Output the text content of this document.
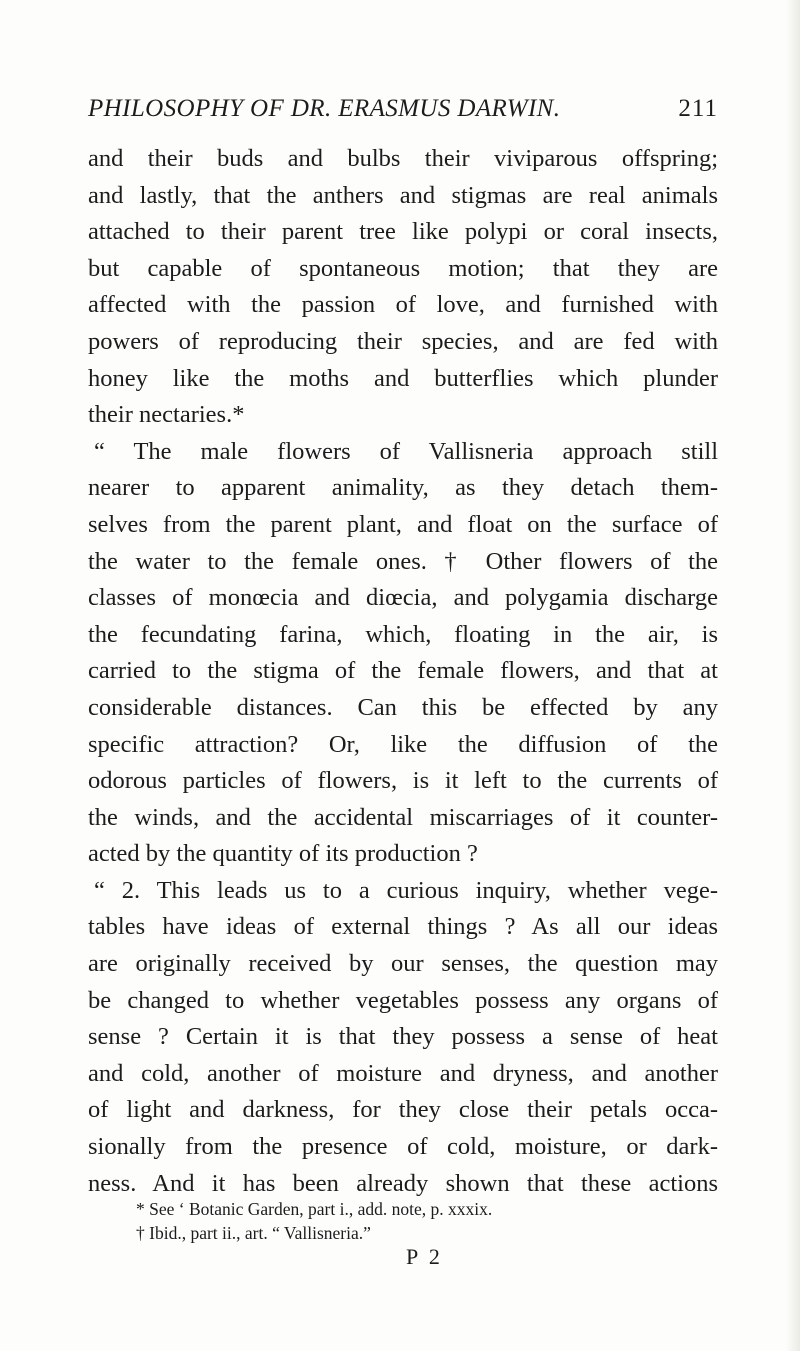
PHILOSOPHY OF DR. ERASMUS DARWIN.	211
and their buds and bulbs their viviparous offspring;
and lastly, that the anthers and stigmas are real animals
attached to their parent tree like polypi or coral insects,
but capable of spontaneous motion; that they are
affected with the passion of love, and furnished with
powers of reproducing their species, and are fed with
honey like the moths and butterflies which plunder
their nectaries.*
“ The male flowers of Vallisneria approach still
nearer to apparent animality, as they detach them-
selves from the parent plant, and float on the surface of
the water to the female ones. † Other flowers of the
classes of monœcia and diœcia, and polygamia discharge
the fecundating farina, which, floating in the air, is
carried to the stigma of the female flowers, and that at
considerable distances. Can this be effected by any
specific attraction? Or, like the diffusion of the
odorous particles of flowers, is it left to the currents of
the winds, and the accidental miscarriages of it counter-
acted by the quantity of its production ?
“ 2. This leads us to a curious inquiry, whether vege-
tables have ideas of external things ? As all our ideas
are originally received by our senses, the question may
be changed to whether vegetables possess any organs of
sense ? Certain it is that they possess a sense of heat
and cold, another of moisture and dryness, and another
of light and darkness, for they close their petals occa-
sionally from the presence of cold, moisture, or dark-
ness. And it has been already shown that these actions
* See ‘ Botanic Garden, part i., add. note, p. xxxix.
† Ibid., part ii., art. “ Vallisneria.”
P 2
